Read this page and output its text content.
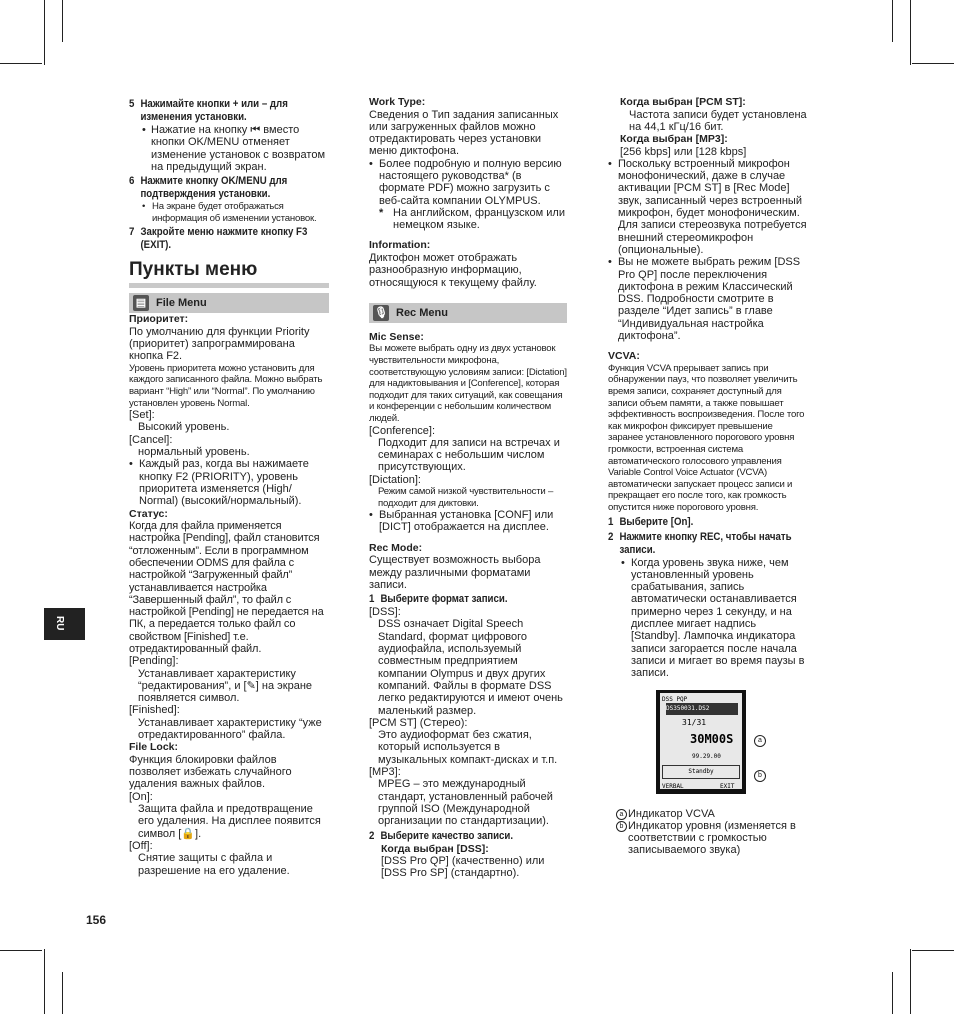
RU
156
5 Нажимайте кнопки + или – для изменения установки.

• Нажатие на кнопку ⏮ вместо кнопки OK/MENU отменяет изменение установок с возвратом на предыдущий экран.

6 Нажмите кнопку OK/MENU для подтверждения установки.

• На экране будет отображаться информация об изменении установок.

7 Закройте меню нажмите кнопку F3 (EXIT).
Пункты меню
▤ File Menu

Приоритет:

По умолчанию для функции Priority (приоритет) запрограммирована кнопка F2.

Уровень приоритета можно установить для каждого записанного файла. Можно выбрать вариант “High” или “Normal”. По умолчанию установлен уровень Normal.

[Set]:

Высокий уровень.

[Cancel]:

нормальный уровень.

• Каждый раз, когда вы нажимаете кнопку F2 (PRIORITY), уровень приоритета изменяется (High/ Normal) (высокий/нормальный).

Статус:

Когда для файла применяется настройка [Pending], файл становится “отложенным”. Если в программном обеспечении ODMS для файла с настройкой “Загруженный файл” устанавливается настройка “Завершенный файл”, то файл с настройкой [Pending] не передается на ПК, а передается только файл со свойством [Finished] т.е. отредактированный файл.

[Pending]:

Устанавливает характеристику “редактирования”, и [✎] на экране появляется символ.

[Finished]:

Устанавливает характеристику “уже отредактированного” файла.

File Lock:

Функция блокировки файлов позволяет избежать случайного удаления важных файлов.

[On]:

Защита файла и предотвращение его удаления. На дисплее появится символ [🔒].

[Off]:

Снятие защиты с файла и разрешение на его удаление.

Work Type:

Сведения о Тип задания записанных или загруженных файлов можно отредактировать через установки меню диктофона.

• Более подробную и полную версию настоящего руководства* (в формате PDF) можно загрузить с веб-сайта компании OLYMPUS.

* На английском, французском или немецком языке.

Information:

Диктофон может отображать разнообразную информацию, относящуюся к текущему файлу.

🎙 Rec Menu

Mic Sense:

Вы можете выбрать одну из двух установок чувствительности микрофона, соответствующую условиям записи: [Dictation] для надиктовывания и [Conference], которая подходит для таких ситуаций, как совещания и конференции с небольшим количеством людей.

[Conference]:

Подходит для записи на встречах и семинарах с небольшим числом присутствующих.

[Dictation]:

Режим самой низкой чувствительности – подходит для диктовки.

• Выбранная установка [CONF] или [DICT] отображается на дисплее.

Rec Mode:

Существует возможность выбора между различными форматами записи.

1 Выберите формат записи.

[DSS]:

DSS означает Digital Speech Standard, формат цифрового аудиофайла, используемый совместным предприятием компании Olympus и двух других компаний. Файлы в формате DSS легко редактируются и имеют очень маленький размер.

[PCM ST] (Стерео):

Это аудиоформат без сжатия, который используется в музыкальных компакт-дисках и т.п.

[MP3]:

MPEG – это международный стандарт, установленный рабочей группой ISO (Международной организации по стандартизации).

2 Выберите качество записи.

Когда выбран [DSS]:

[DSS Pro QP] (качественно) или [DSS Pro SP] (стандартно).

Когда выбран [PCM ST]:

Частота записи будет установлена на 44,1 кГц/16 бит.

Когда выбран [MP3]:

[256 kbps] или [128 kbps]

• Поскольку встроенный микрофон монофонический, даже в случае активации [PCM ST] в [Rec Mode] звук, записанный через встроенный микрофон, будет монофоническим. Для записи стереозвука потребуется внешний стереомикрофон (опциональные).

• Вы не можете выбрать режим [DSS Pro QP] после переключения диктофона в режим Классический DSS. Подробности смотрите в разделе “Идет запись” в главе “Индивидуальная настройка диктофона”.

VCVA:

Функция VCVA прерывает запись при обнаружении пауз, что позволяет увеличить время записи, сохраняет доступный для записи объем памяти, а также повышает эффективность воспроизведения. После того как микрофон фиксирует превышение заранее установленного порогового уровня громкости, встроенная система автоматического голосового управления Variable Control Voice Actuator (VCVA) автоматически запускает процесс записи и прекращает его после того, как громкость опустится ниже порогового уровня.

1 Выберите [On].
2 Нажмите кнопку REC, чтобы начать записи.

• Когда уровень звука ниже, чем установленный уровень срабатывания, запись автоматически останавливается примерно через 1 секунду, и на дисплее мигает надпись [Standby]. Лампочка индикатора записи загорается после начала записи и мигает во время паузы в записи.

DSS PQP
DS350031.DS2
31/31
30M00S
99.29.00
Standby
VERBAL	EXIT
a
b

a Индикатор VCVA

b Индикатор уровня (изменяется в соответствии с громкостью записываемого звука)
